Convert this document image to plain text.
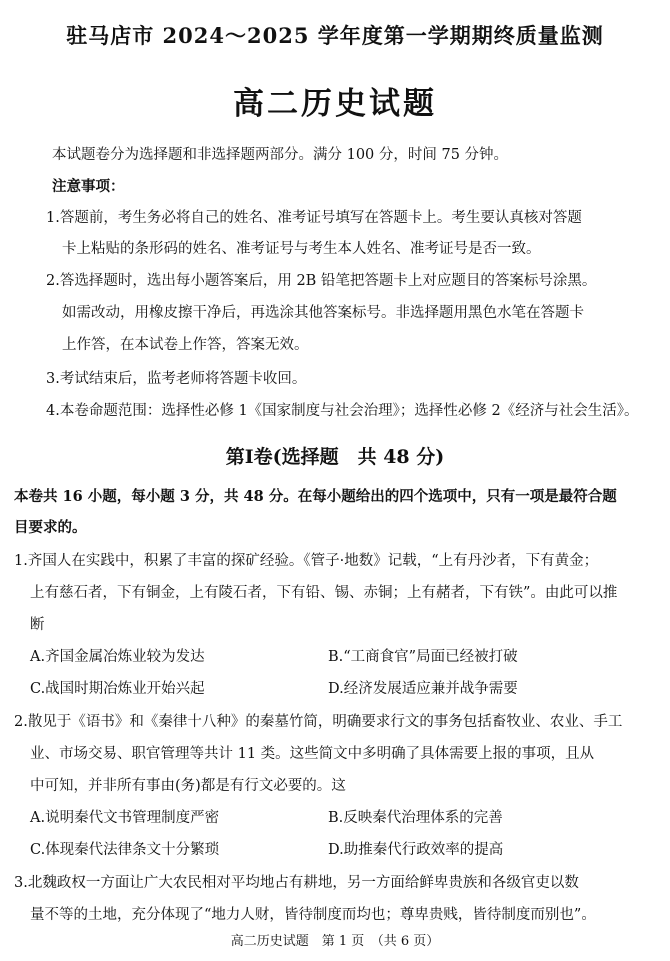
驻马店市 2024～2025 学年度第一学期期终质量监测
高二历史试题
本试题卷分为选择题和非选择题两部分。满分 100 分，时间 75 分钟。
注意事项：
1.答题前，考生务必将自己的姓名、准考证号填写在答题卡上。考生要认真核对答题
卡上粘贴的条形码的姓名、准考证号与考生本人姓名、准考证号是否一致。
2.答选择题时，选出每小题答案后，用 2B 铅笔把答题卡上对应题目的答案标号涂黑。
如需改动，用橡皮擦干净后，再选涂其他答案标号。非选择题用黑色水笔在答题卡
上作答，在本试卷上作答，答案无效。
3.考试结束后，监考老师将答题卡收回。
4.本卷命题范围：选择性必修 1《国家制度与社会治理》；选择性必修 2《经济与社会生活》。
第Ⅰ卷(选择题　共 48 分)
本卷共 16 小题，每小题 3 分，共 48 分。在每小题给出的四个选项中，只有一项是最符合题
目要求的。
1.齐国人在实践中，积累了丰富的探矿经验。《管子·地数》记载，“上有丹沙者，下有黄金；
上有慈石者，下有铜金，上有陵石者，下有铅、锡、赤铜；上有赭者，下有铁”。由此可以推
断
A.齐国金属冶炼业较为发达	B.“工商食官”局面已经被打破
C.战国时期冶炼业开始兴起	D.经济发展适应兼并战争需要
2.散见于《语书》和《秦律十八种》的秦墓竹简，明确要求行文的事务包括畜牧业、农业、手工
业、市场交易、职官管理等共计 11 类。这些简文中多明确了具体需要上报的事项，且从
中可知，并非所有事由(务)都是有行文必要的。这
A.说明秦代文书管理制度严密	B.反映秦代治理体系的完善
C.体现秦代法律条文十分繁琐	D.助推秦代行政效率的提高
3.北魏政权一方面让广大农民相对平均地占有耕地，另一方面给鲜卑贵族和各级官吏以数
量不等的土地，充分体现了“地力人财，皆待制度而均也；尊卑贵贱，皆待制度而别也”。
高二历史试题　第 1 页　（共 6 页）
